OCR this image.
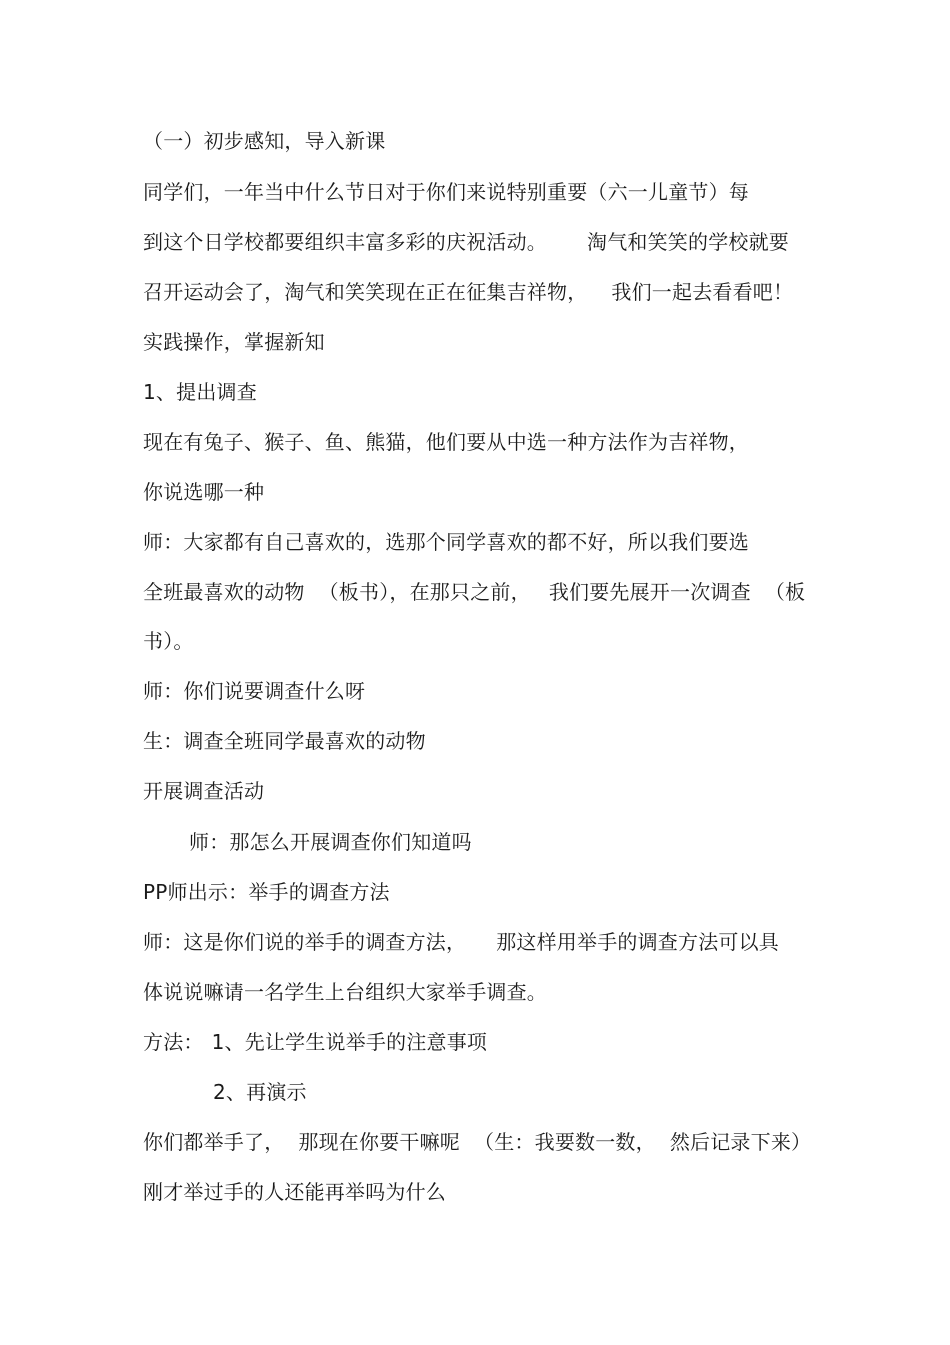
（一）初步感知，导入新课
同学们，一年当中什么节日对于你们来说特别重要（六一儿童节）每
到这个日学校都要组织丰富多彩的庆祝活动。 淘气和笑笑的学校就要
召开运动会了，淘气和笑笑现在正在征集吉祥物， 我们一起去看看吧！
实践操作，掌握新知
1、提出调查
现在有兔子、猴子、鱼、熊猫，他们要从中选一种方法作为吉祥物，
你说选哪一种
师：大家都有自己喜欢的，选那个同学喜欢的都不好，所以我们要选
全班最喜欢的动物 （板书），在那只之前， 我们要先展开一次调查 （板
书）。
师：你们说要调查什么呀
生：调查全班同学最喜欢的动物
开展调查活动
师：那怎么开展调查你们知道吗
PP师出示：举手的调查方法
师：这是你们说的举手的调查方法， 那这样用举手的调查方法可以具
体说说嘛请一名学生上台组织大家举手调查。
方法： 1、先让学生说举手的注意事项
2、再演示
你们都举手了， 那现在你要干嘛呢 （生：我要数一数， 然后记录下来）
刚才举过手的人还能再举吗为什么
